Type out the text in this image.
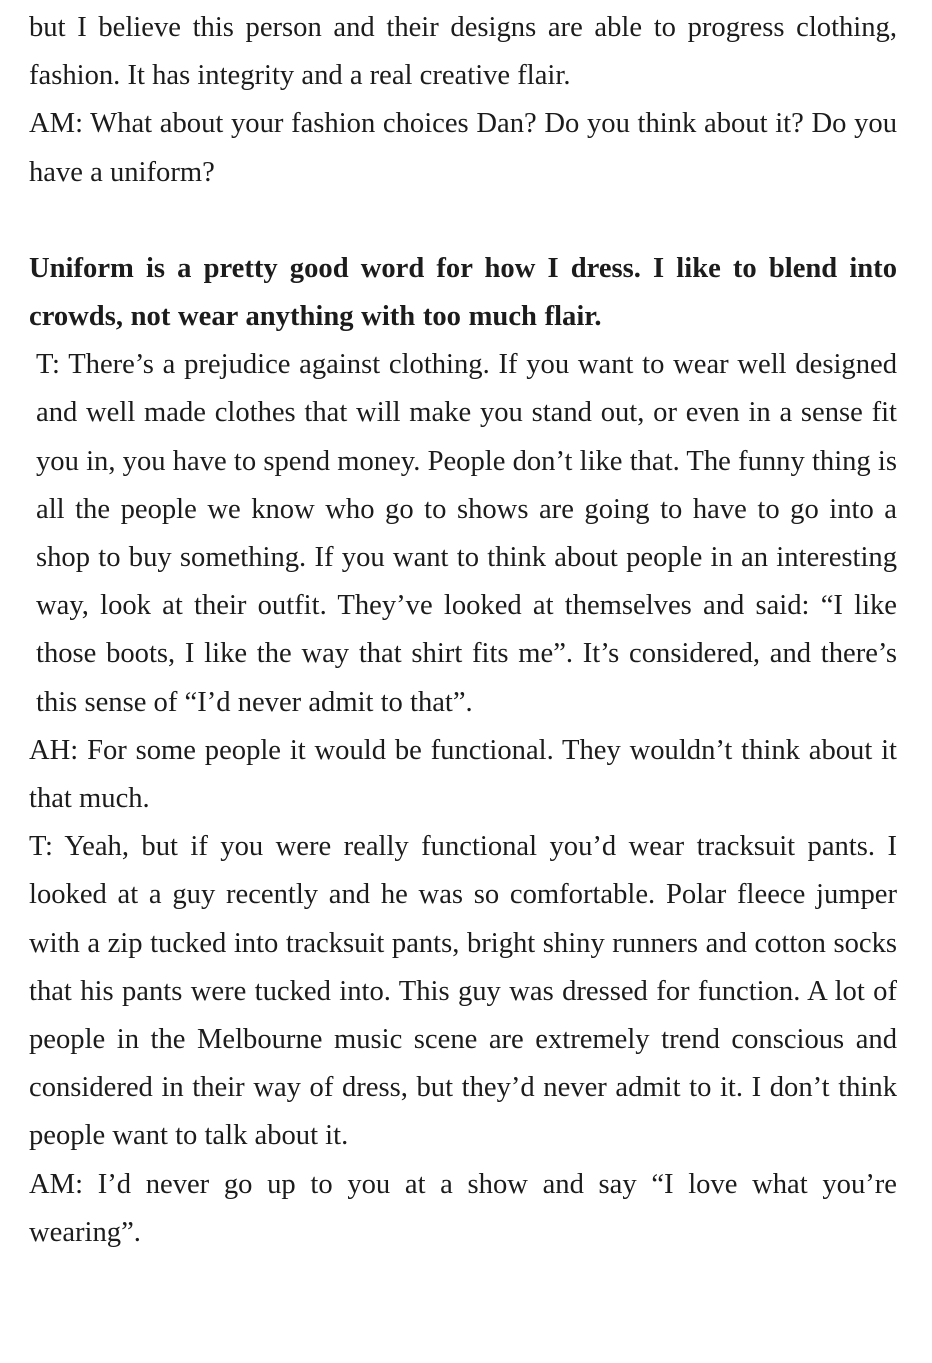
but I believe this person and their designs are able to progress clothing, fashion. It has integrity and a real creative flair.

AM: What about your fashion choices Dan? Do you think about it? Do you have a uniform?

Uniform is a pretty good word for how I dress. I like to blend into crowds, not wear anything with too much flair.

T: There’s a prejudice against clothing. If you want to wear well designed and well made clothes that will make you stand out, or even in a sense fit you in, you have to spend money. People don’t like that. The funny thing is all the people we know who go to shows are going to have to go into a shop to buy something. If you want to think about people in an interesting way, look at their outfit. They’ve looked at themselves and said: “I like those boots, I like the way that shirt fits me”. It’s considered, and there’s this sense of “I’d never admit to that”.

AH: For some people it would be functional. They wouldn’t think about it that much.

T: Yeah, but if you were really functional you’d wear tracksuit pants. I looked at a guy recently and he was so comfortable. Polar fleece jumper with a zip tucked into tracksuit pants, bright shiny runners and cotton socks that his pants were tucked into. This guy was dressed for function. A lot of people in the Melbourne music scene are extremely trend conscious and considered in their way of dress, but they’d never admit to it. I don’t think people want to talk about it.

AM: I’d never go up to you at a show and say “I love what you’re wearing”.
